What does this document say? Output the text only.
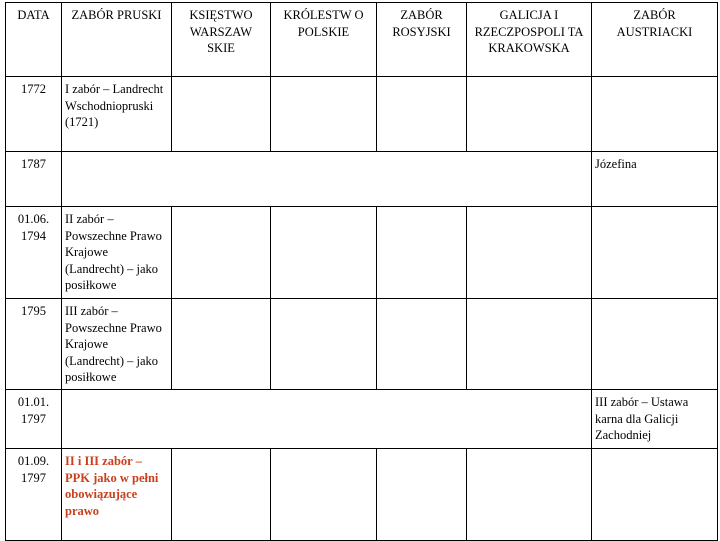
DATA	ZABÓR PRUSKI	KSIĘSTWO WARSZAW SKIE	KRÓLESTW O POLSKIE	ZABÓR ROSYJSKI	GALICJA I RZECZPOSPOLI TA KRAKOWSKA	ZABÓR AUSTRIACKI
1772	I zabór – Landrecht Wschodniopruski (1721)					
1787						Józefina
01.06. 1794	II zabór – Powszechne Prawo Krajowe (Landrecht) – jako posiłkowe					
1795	III zabór – Powszechne Prawo Krajowe (Landrecht) – jako posiłkowe					
01.01. 1797						III zabór – Ustawa karna dla Galicji Zachodniej
01.09. 1797	II i III zabór – PPK jako w pełni obowiązujące prawo					
